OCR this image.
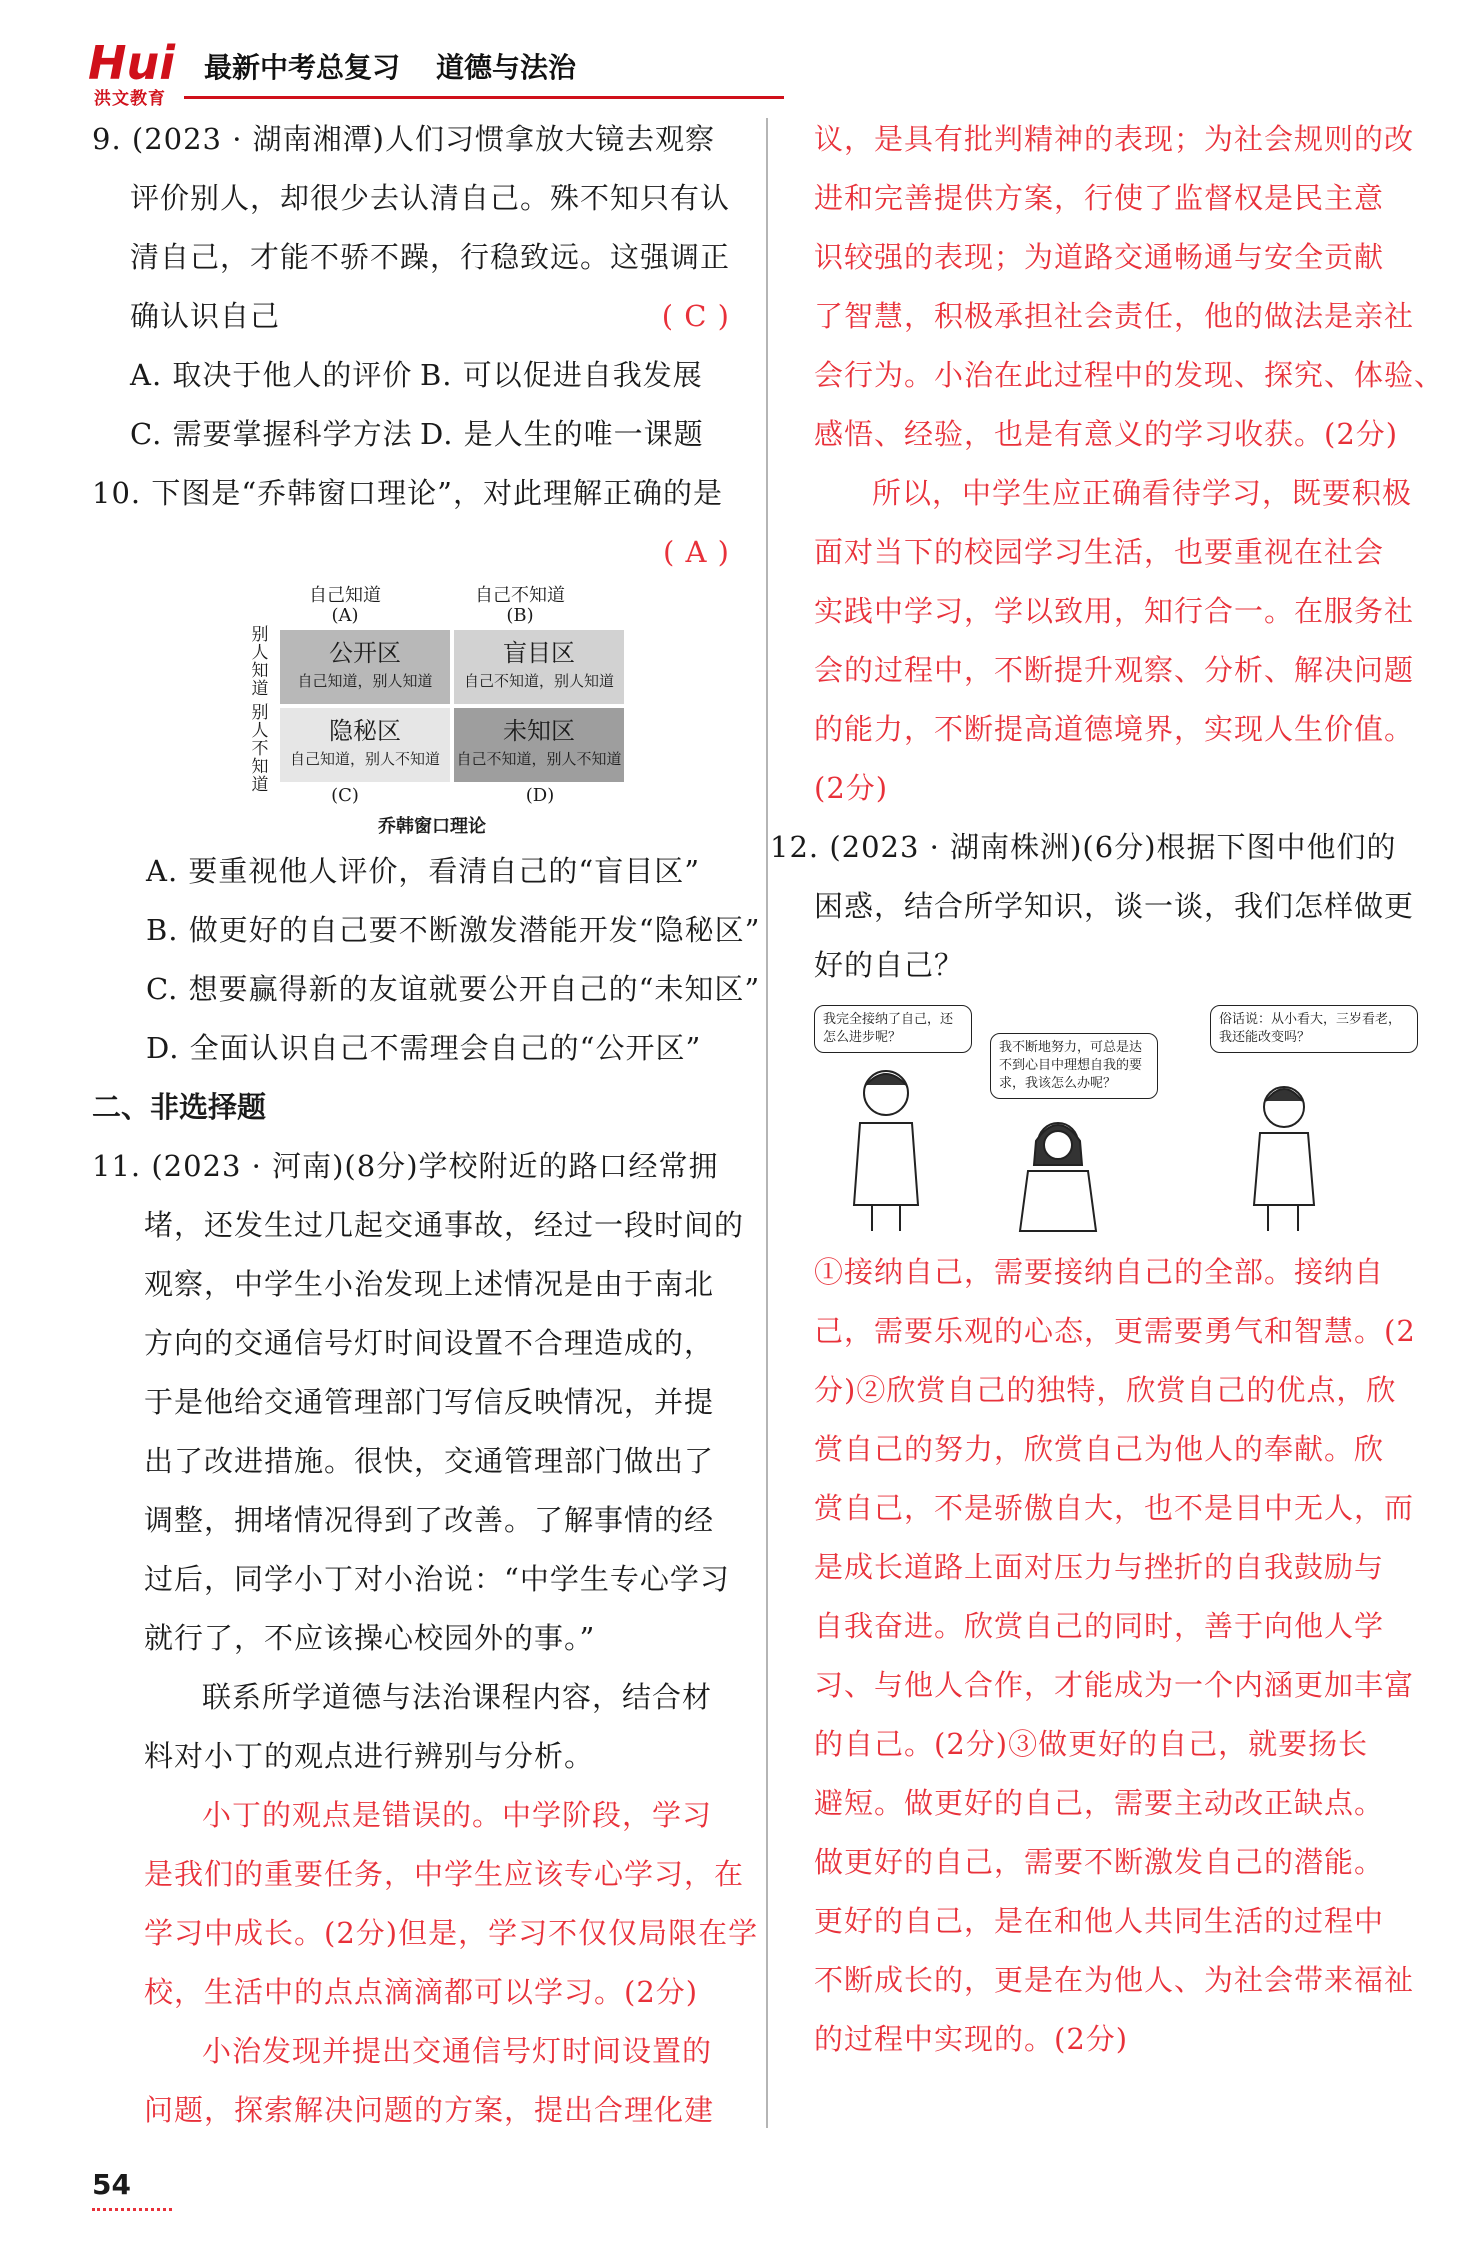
Hui
洪文教育
最新中考总复习 道德与法治
9. (2023 · 湖南湘潭)人们习惯拿放大镜去观察
评价别人，却很少去认清自己。殊不知只有认
清自己，才能不骄不躁，行稳致远。这强调正
确认识自己	( C )
A. 取决于他人的评价 B. 可以促进自我发展
C. 需要掌握科学方法 D. 是人生的唯一课题
10. 下图是“乔韩窗口理论”，对此理解正确的是
( A )
自己知道
(A)
自己不知道
(B)
别人知道
别人不知道
公开区
自己知道，别人知道
盲目区
自己不知道，别人知道
隐秘区
自己知道，别人不知道
未知区
自己不知道，别人不知道
(C)	(D)
乔韩窗口理论
A. 要重视他人评价，看清自己的“盲目区”
B. 做更好的自己要不断激发潜能开发“隐秘区”
C. 想要赢得新的友谊就要公开自己的“未知区”
D. 全面认识自己不需理会自己的“公开区”
二、非选择题
11. (2023 · 河南)(8分)学校附近的路口经常拥
堵，还发生过几起交通事故，经过一段时间的
观察，中学生小治发现上述情况是由于南北
方向的交通信号灯时间设置不合理造成的，
于是他给交通管理部门写信反映情况，并提
出了改进措施。很快，交通管理部门做出了
调整，拥堵情况得到了改善。了解事情的经
过后，同学小丁对小治说：“中学生专心学习
就行了，不应该操心校园外的事。”
联系所学道德与法治课程内容，结合材
料对小丁的观点进行辨别与分析。
小丁的观点是错误的。中学阶段，学习
是我们的重要任务，中学生应该专心学习，在
学习中成长。(2分)但是，学习不仅仅局限在学
校，生活中的点点滴滴都可以学习。(2分)
小治发现并提出交通信号灯时间设置的
问题，探索解决问题的方案，提出合理化建
议，是具有批判精神的表现；为社会规则的改
进和完善提供方案，行使了监督权是民主意
识较强的表现；为道路交通畅通与安全贡献
了智慧，积极承担社会责任，他的做法是亲社
会行为。小治在此过程中的发现、探究、体验、
感悟、经验，也是有意义的学习收获。(2分)
所以，中学生应正确看待学习，既要积极
面对当下的校园学习生活，也要重视在社会
实践中学习，学以致用，知行合一。在服务社
会的过程中，不断提升观察、分析、解决问题
的能力，不断提高道德境界，实现人生价值。
(2分)
12. (2023 · 湖南株洲)(6分)根据下图中他们的
困惑，结合所学知识，谈一谈，我们怎样做更
好的自己？
我完全接纳了自己，还怎么进步呢？
我不断地努力，可总是达不到心目中理想自我的要求，我该怎么办呢？
俗话说：从小看大，三岁看老，我还能改变吗？
①接纳自己，需要接纳自己的全部。接纳自
己，需要乐观的心态，更需要勇气和智慧。(2
分)②欣赏自己的独特，欣赏自己的优点，欣
赏自己的努力，欣赏自己为他人的奉献。欣
赏自己，不是骄傲自大，也不是目中无人，而
是成长道路上面对压力与挫折的自我鼓励与
自我奋进。欣赏自己的同时，善于向他人学
习、与他人合作，才能成为一个内涵更加丰富
的自己。(2分)③做更好的自己，就要扬长
避短。做更好的自己，需要主动改正缺点。
做更好的自己，需要不断激发自己的潜能。
更好的自己，是在和他人共同生活的过程中
不断成长的，更是在为他人、为社会带来福祉
的过程中实现的。(2分)
54
